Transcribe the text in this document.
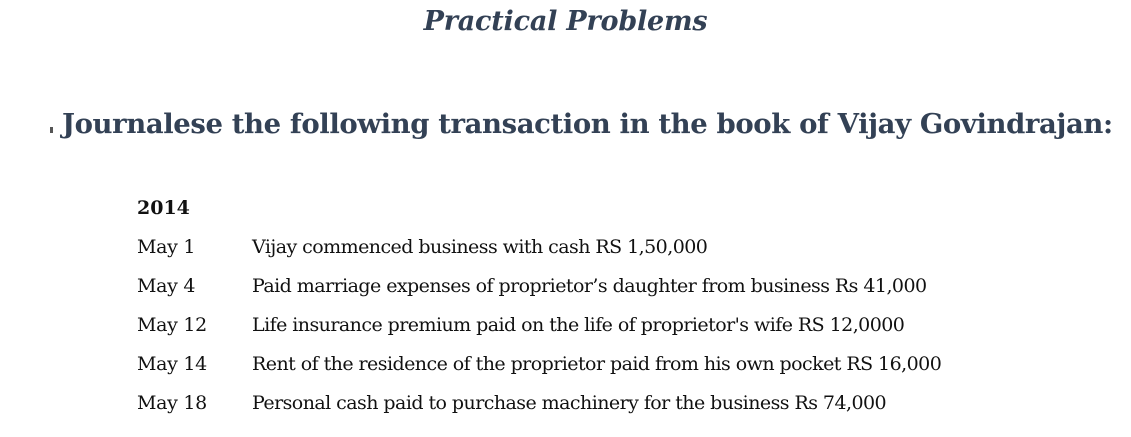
Practical Problems
Journalese the following transaction in the book of Vijay Govindrajan:
2014
May 1	Vijay commenced business with cash RS 1,50,000
May 4	Paid marriage expenses of proprietor’s daughter from business Rs 41,000
May 12 Life insurance premium paid on the life of proprietor's wife RS 12,0000
May 14 Rent of the residence of the proprietor paid from his own pocket RS 16,000
May 18 Personal cash paid to purchase machinery for the business Rs 74,000
